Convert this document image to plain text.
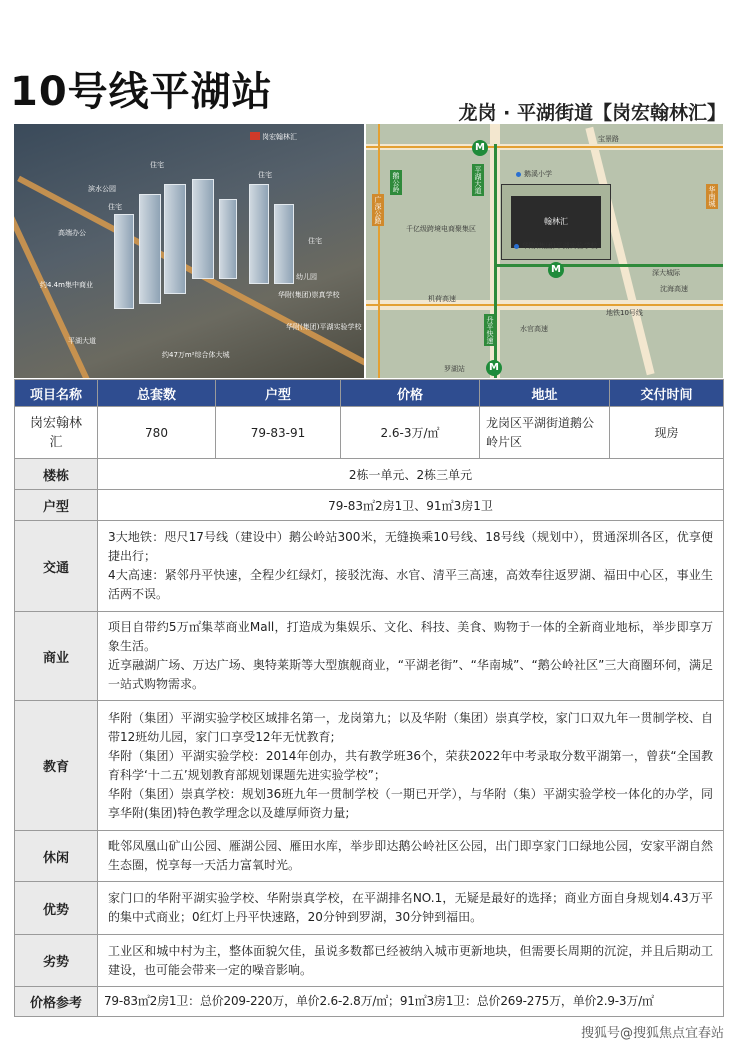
10号线平湖站	龙岗 · 平湖街道【岗宏翰林汇】
岗宏翰林汇
住宅
滨水公园
住宅
住宅
高端办公
住宅
约4.4m集中商业
幼儿园
华附(集团)崇真学校
华附(集团)平湖实验学校
平湖大道
约47万m²综合体大城
翰林汇
M
M
M
鹅溪小学
华附(集团)平湖实验学校
千亿级跨境电商聚集区
宝景路
机荷高速
沈海高速
深大城际
地铁10号线
水官高速
罗湖站
鹅公岭	平湖大道
丹平快速
广深公路	华南城
项目名称	总套数	户型	价格	地址	交付时间
岗宏翰林汇	780	79-83-91	2.6-3万/㎡	龙岗区平湖街道鹅公岭片区	现房
楼栋	2栋一单元、2栋三单元				
户型	79-83㎡2房1卫、91㎡3房1卫				
交通	3大地铁：咫尺17号线（建设中）鹅公岭站300米，无缝换乘10号线、18号线（规划中），贯通深圳各区，优享便捷出行；
4大高速：紧邻丹平快速，全程少红绿灯，接驳沈海、水官、清平三高速，高效奉往返罗湖、福田中心区，事业生活两不误。				
商业	项目自带约5万㎡集萃商业Mall，打造成为集娱乐、文化、科技、美食、购物于一体的全新商业地标，举步即享万象生活。
近享融湖广场、万达广场、奥特莱斯等大型旗舰商业，“平湖老街”、“华南城”、“鹅公岭社区”三大商圈环伺，满足一站式购物需求。				
教育	华附（集团）平湖实验学校区域排名第一，龙岗第九；以及华附（集团）崇真学校，家门口双九年一贯制学校、自带12班幼儿园，家门口享受12年无忧教育;
华附（集团）平湖实验学校：2014年创办，共有教学班36个，荣获2022年中考录取分数平湖第一，曾获“全国教育科学‘十二五’规划教育部规划课题先进实验学校”；
华附（集团）崇真学校：规划36班九年一贯制学校（一期已开学），与华附（集）平湖实验学校一体化的办学，同享华附(集团)特色教学理念以及雄厚师资力量;				
休闲	毗邻凤凰山矿山公园、雁湖公园、雁田水库，举步即达鹅公岭社区公园，出门即享家门口绿地公园，安家平湖自然生态圈，悦享每一天活力富氧时光。				
优势	家门口的华附平湖实验学校、华附崇真学校，在平湖排名NO.1，无疑是最好的选择；商业方面自身规划4.43万平的集中式商业；0红灯上丹平快速路，20分钟到罗湖，30分钟到福田。				
劣势	工业区和城中村为主，整体面貌欠佳，虽说多数都已经被纳入城市更新地块，但需要长周期的沉淀，并且后期动工建设，也可能会带来一定的噪音影响。				
价格参考	79-83㎡2房1卫：总价209-220万，单价2.6-2.8万/㎡；91㎡3房1卫：总价269-275万，单价2.9-3万/㎡				
搜狐号@搜狐焦点宜春站
